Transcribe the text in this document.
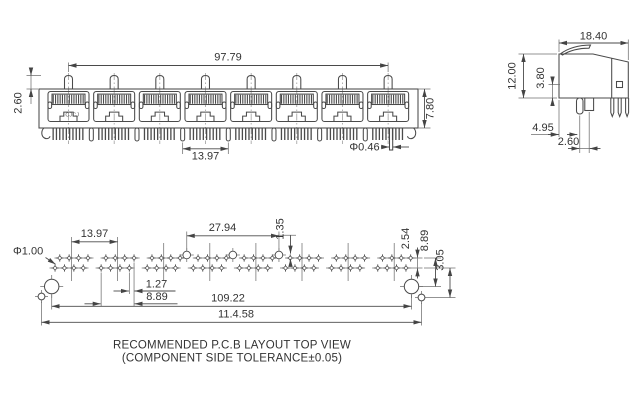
CJCJ
97.79
2.60	7.80
13.97
Φ0.46
18.40
12.00 3.80
4.95
2.60
13.97	27.94	1.35
Φ1.00
1.27
8.89	109.22
11.4.58
2.54 8.89
3.05
RECOMMENDED P.C.B LAYOUT TOP VIEW
(COMPONENT SIDE TOLERANCE±0.05)
